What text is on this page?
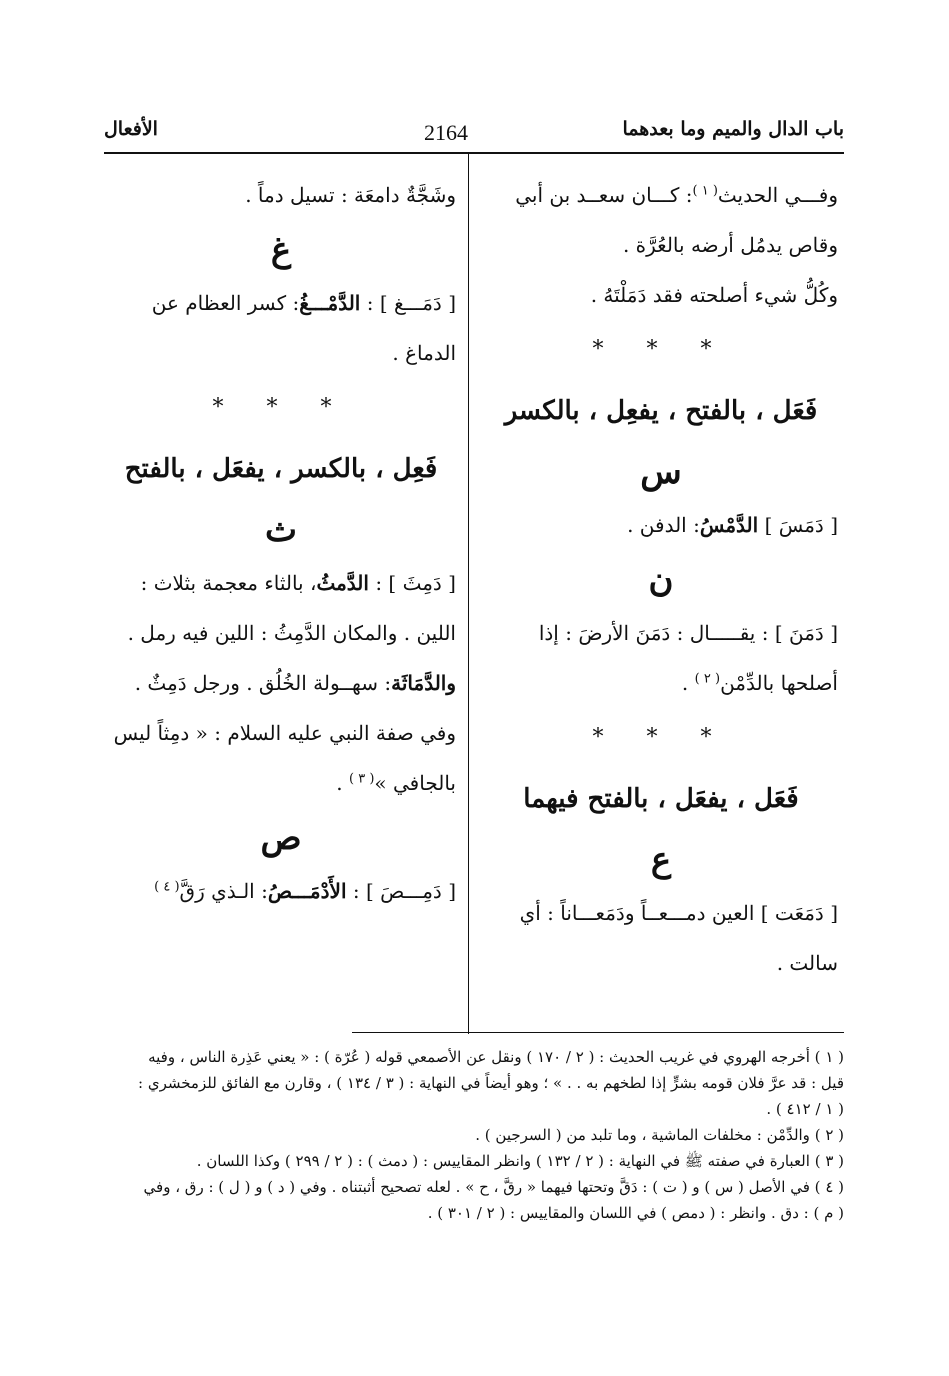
باب الدال والميم وما بعدهما
2164
الأفعال

وفـــي الحديث$^{( ١ )}$: كـــان سعــد بن أبي

وقاص يدمُل أرضه بالعُرَّة .

وكُلُّ شيء أصلحته فقد دَمَلْتَهُ .

* * *
فَعَل ، بالفتح ، يفعِل ، بالكسر
س

[ دَمَسَ ] الدَّمْسُ: الدفن .

ن

[ دَمَنَ ] : يقـــــال : دَمَنَ الأرضَ : إذا

أصلحها بالدِّمْن$^{( ٢ )}$ .

* * *
فَعَل ، يفعَل ، بالفتح فيهما
ع

[ دَمَعَت ] العين دمـــعــاً ودَمَعـــاناً : أي

سالت .

وشَجَّةٌ دامعَة : تسيل دماً .

غ

[ دَمَـــغ ] : الدَّمْـــغُ: كسر العظام عن

الدماغ .

* * *
فَعِل ، بالكسر ، يفعَل ، بالفتح
ث

[ دَمِثَ ] : الدَّمثُ، بالثاء معجمة بثلاث :

اللين . والمكان الدَّمِثُ : اللين فيه رمل .

والدَّمَاثَة: سهــولة الخُلُق . ورجل دَمِثٌ .

وفي صفة النبي عليه السلام : « دمِثاً ليس

بالجافي »$^{( ٣ )}$ .

ص

[ دَمِـــصَ ] : الأَدْمَـــصُ: الـذي رَقَّ$^{( ٤ )}$

( ١ ) أخرجه الهروي في غريب الحديث : ( ٢ / ١٧٠ ) ونقل عن الأصمعي قوله ( عُرّة ) : « يعني عَذِرة الناس ، وفيه

قيل : قد عرَّ فلان قومه بشرٍّ إذا لطخهم به . . » ؛ وهو أيضاً في النهاية : ( ٣ / ١٣٤ ) ، وقارن مع الفائق للزمخشري :

( ١ / ٤١٢ ) .

( ٢ ) والدِّمْن : مخلفات الماشية ، وما تلبد من ( السرجين ) .

( ٣ ) العبارة في صفته ﷺ في النهاية : ( ٢ / ١٣٢ ) وانظر المقاييس : ( دمث ) : ( ٢ / ٢٩٩ ) وكذا اللسان .

( ٤ ) في الأصل ( س ) و ( ت ) : دَقَّ وتحتها فيهما « رقَّ ، ح » . لعله تصحيح أثبتناه . وفي ( د ) و ( ل ) : رق ، وفي

( م ) : دق . وانظر : ( دمص ) في اللسان والمقاييس : ( ٢ / ٣٠١ ) .
